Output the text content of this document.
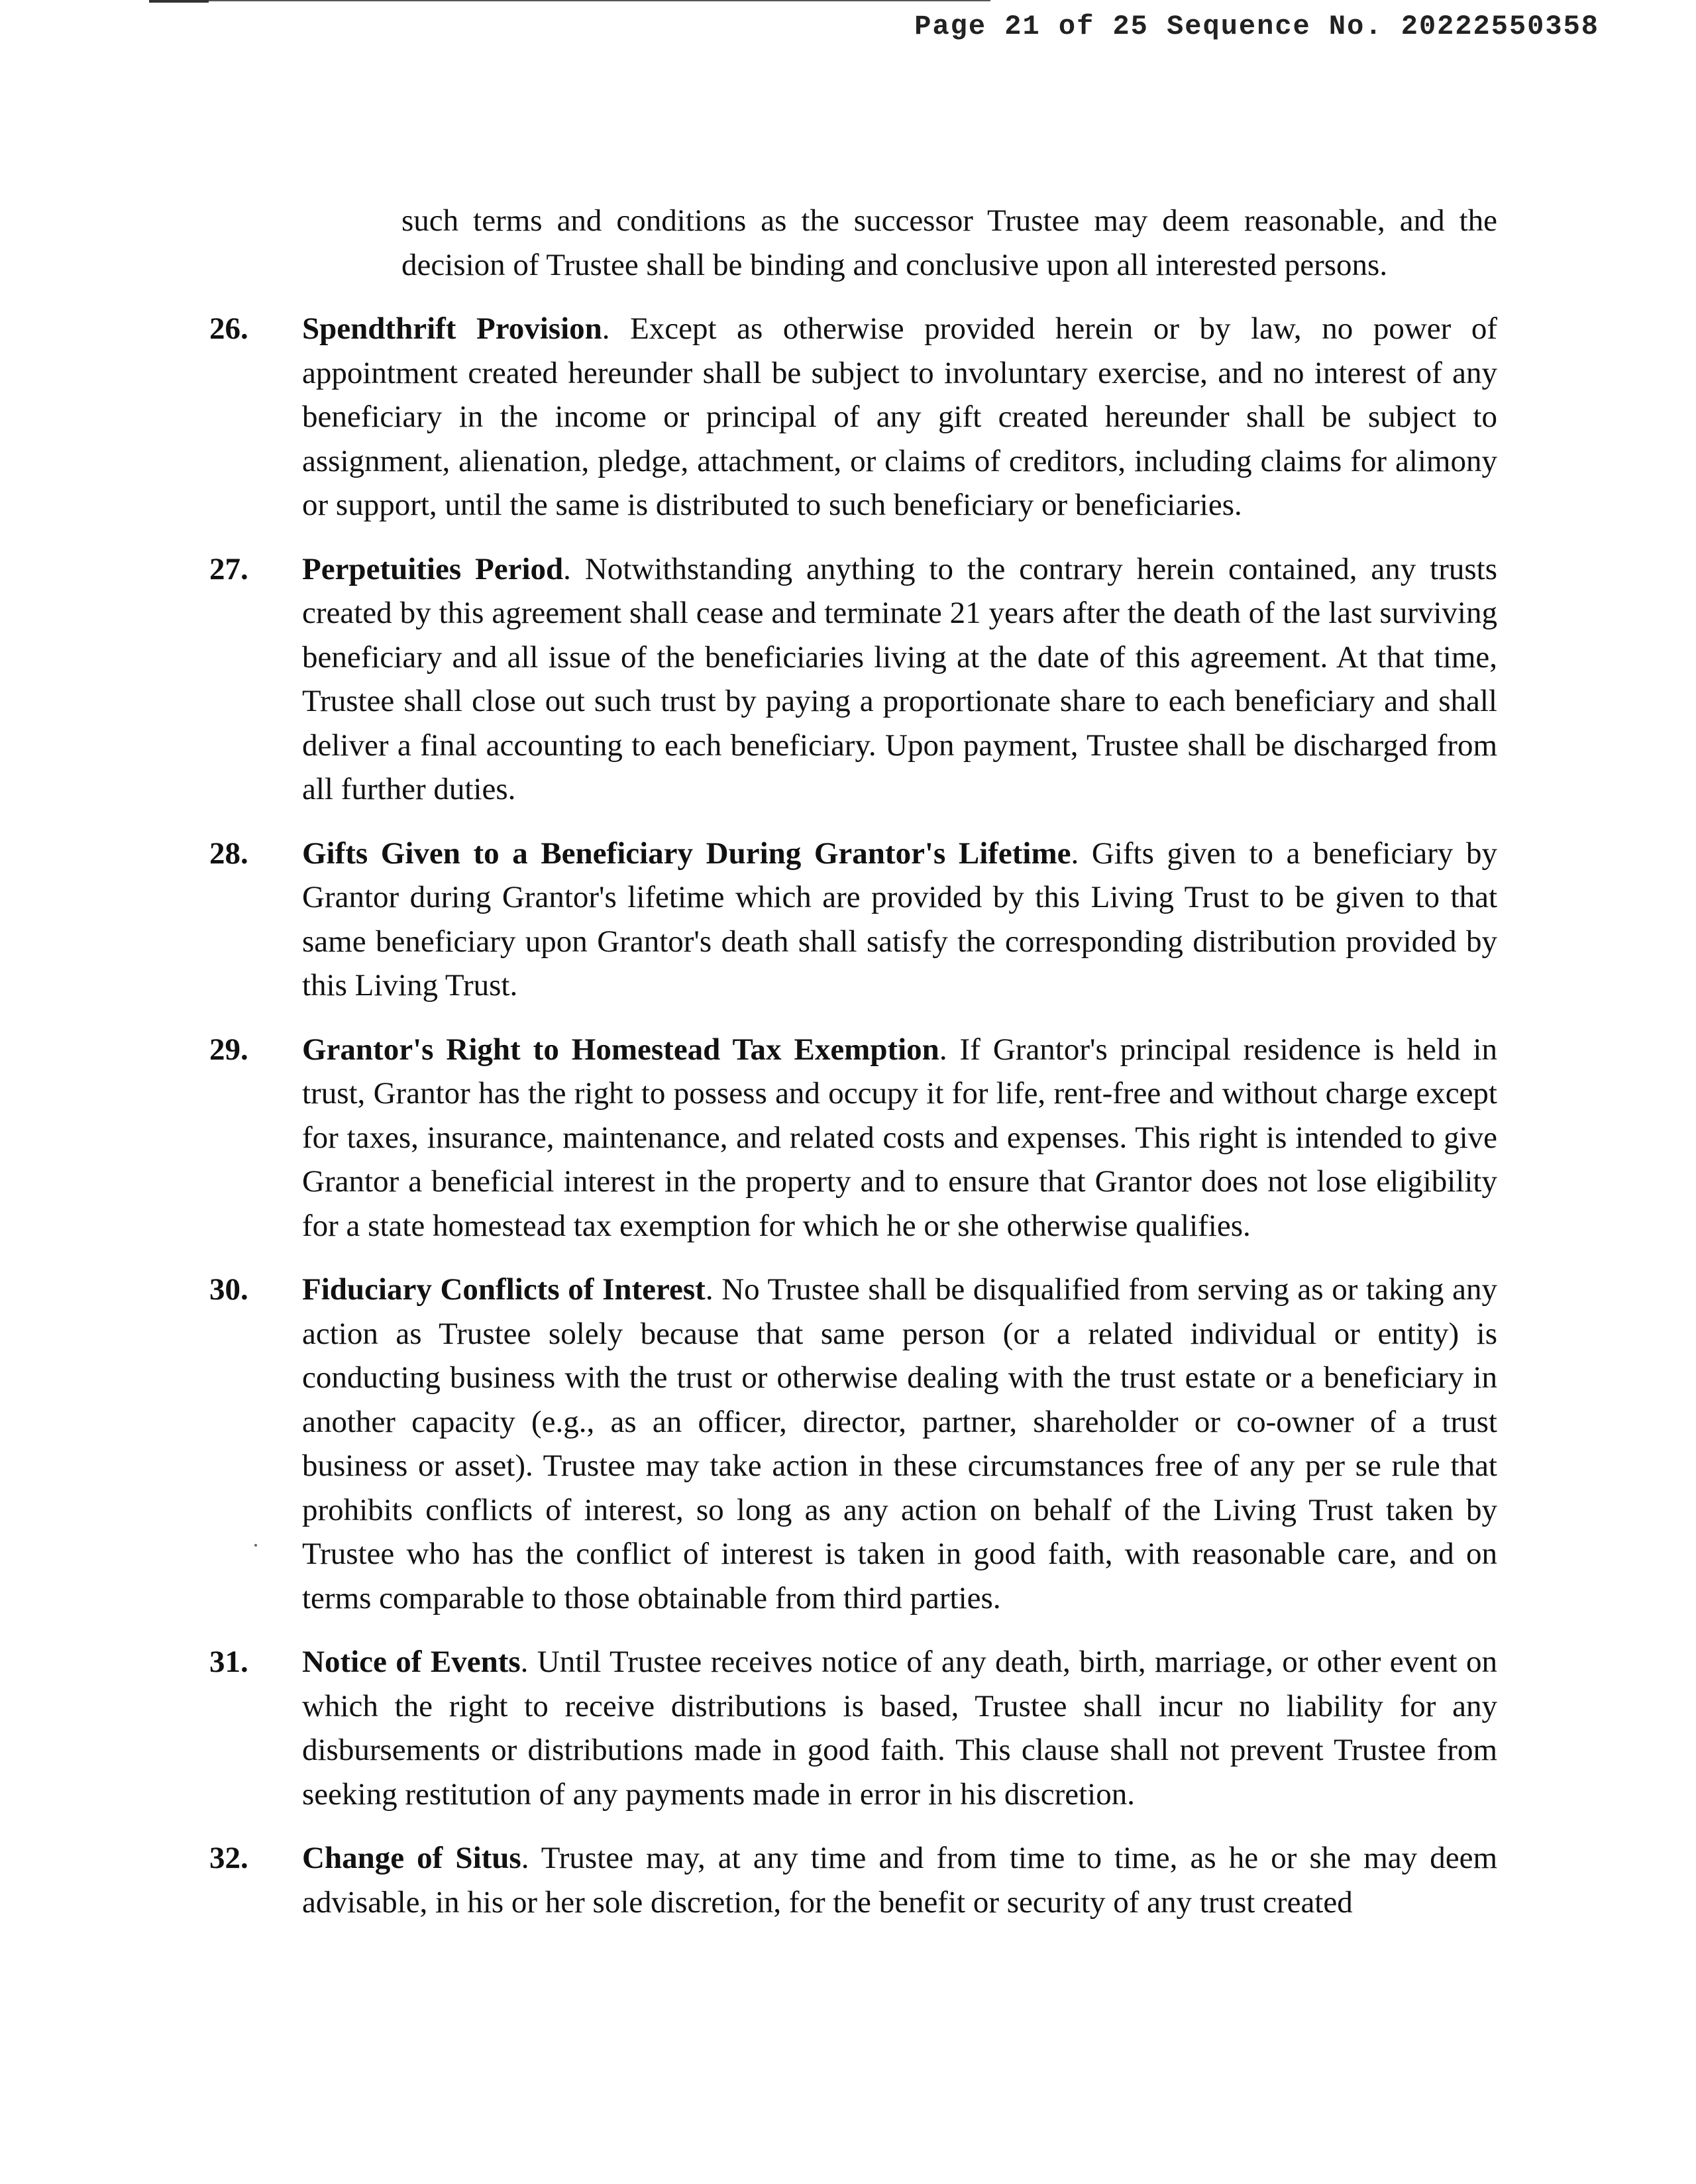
Page 21 of 25 Sequence No. 20222550358

such terms and conditions as the successor Trustee may deem reasonable, and the decision of Trustee shall be binding and conclusive upon all interested persons.

26. Spendthrift Provision. Except as otherwise provided herein or by law, no power of appointment created hereunder shall be subject to involuntary exercise, and no interest of any beneficiary in the income or principal of any gift created hereunder shall be subject to assignment, alienation, pledge, attachment, or claims of creditors, including claims for alimony or support, until the same is distributed to such beneficiary or beneficiaries.
27. Perpetuities Period. Notwithstanding anything to the contrary herein contained, any trusts created by this agreement shall cease and terminate 21 years after the death of the last surviving beneficiary and all issue of the beneficiaries living at the date of this agreement. At that time, Trustee shall close out such trust by paying a proportionate share to each beneficiary and shall deliver a final accounting to each beneficiary. Upon payment, Trustee shall be discharged from all further duties.
28. Gifts Given to a Beneficiary During Grantor's Lifetime. Gifts given to a beneficiary by Grantor during Grantor's lifetime which are provided by this Living Trust to be given to that same beneficiary upon Grantor's death shall satisfy the corresponding distribution provided by this Living Trust.
29. Grantor's Right to Homestead Tax Exemption. If Grantor's principal residence is held in trust, Grantor has the right to possess and occupy it for life, rent-free and without charge except for taxes, insurance, maintenance, and related costs and expenses. This right is intended to give Grantor a beneficial interest in the property and to ensure that Grantor does not lose eligibility for a state homestead tax exemption for which he or she otherwise qualifies.
30. Fiduciary Conflicts of Interest. No Trustee shall be disqualified from serving as or taking any action as Trustee solely because that same person (or a related individual or entity) is conducting business with the trust or otherwise dealing with the trust estate or a beneficiary in another capacity (e.g., as an officer, director, partner, shareholder or co-owner of a trust business or asset). Trustee may take action in these circumstances free of any per se rule that prohibits conflicts of interest, so long as any action on behalf of the Living Trust taken by Trustee who has the conflict of interest is taken in good faith, with reasonable care, and on terms comparable to those obtainable from third parties.
31. Notice of Events. Until Trustee receives notice of any death, birth, marriage, or other event on which the right to receive distributions is based, Trustee shall incur no liability for any disbursements or distributions made in good faith. This clause shall not prevent Trustee from seeking restitution of any payments made in error in his discretion.
32. Change of Situs. Trustee may, at any time and from time to time, as he or she may deem advisable, in his or her sole discretion, for the benefit or security of any trust created
